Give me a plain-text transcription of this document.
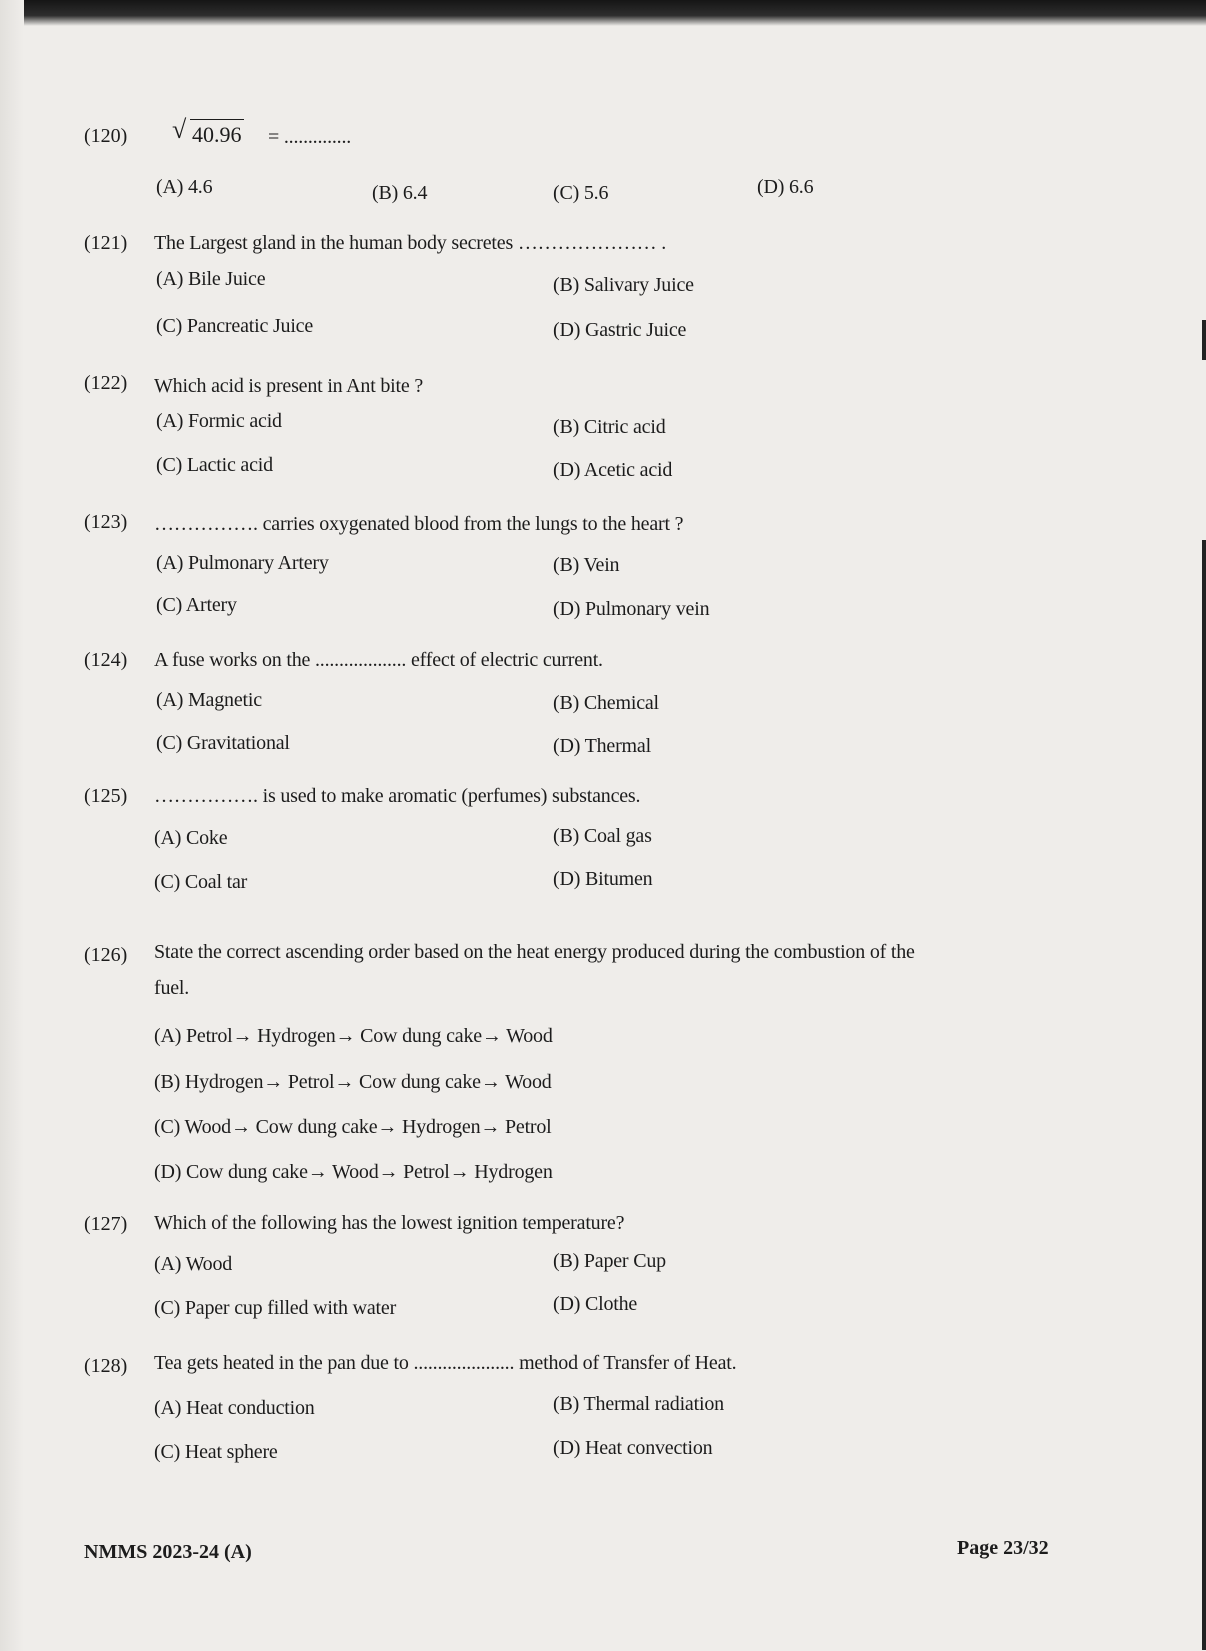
(120) √ 40.96 = ..............
(A) 4.6	(B) 6.4	(C) 5.6	(D) 6.6
(121) The Largest gland in the human body secretes ………………… .
(A) Bile Juice	(B) Salivary Juice
(C) Pancreatic Juice	(D) Gastric Juice
(122) Which acid is present in Ant bite ?
(A) Formic acid	(B) Citric acid
(C) Lactic acid	(D) Acetic acid
(123) ……………. carries oxygenated blood from the lungs to the heart ?
(A) Pulmonary Artery	(B) Vein
(C) Artery	(D) Pulmonary vein
(124) A fuse works on the ................... effect of electric current.
(A) Magnetic	(B) Chemical
(C) Gravitational	(D) Thermal
(125) ……………. is used to make aromatic (perfumes) substances.
(A) Coke	(B) Coal gas
(C) Coal tar	(D) Bitumen
(126) State the correct ascending order based on the heat energy produced during the combustion of the
fuel.
(A) Petrol→ Hydrogen→ Cow dung cake→ Wood
(B) Hydrogen→ Petrol→ Cow dung cake→ Wood
(C) Wood→ Cow dung cake→ Hydrogen→ Petrol
(D) Cow dung cake→ Wood→ Petrol→ Hydrogen
(127) Which of the following has the lowest ignition temperature?
(A) Wood	(B) Paper Cup
(C) Paper cup filled with water	(D) Clothe
(128) Tea gets heated in the pan due to ..................... method of Transfer of Heat.
(A) Heat conduction	(B) Thermal radiation
(C) Heat sphere	(D) Heat convection
NMMS 2023-24 (A)	Page 23/32
